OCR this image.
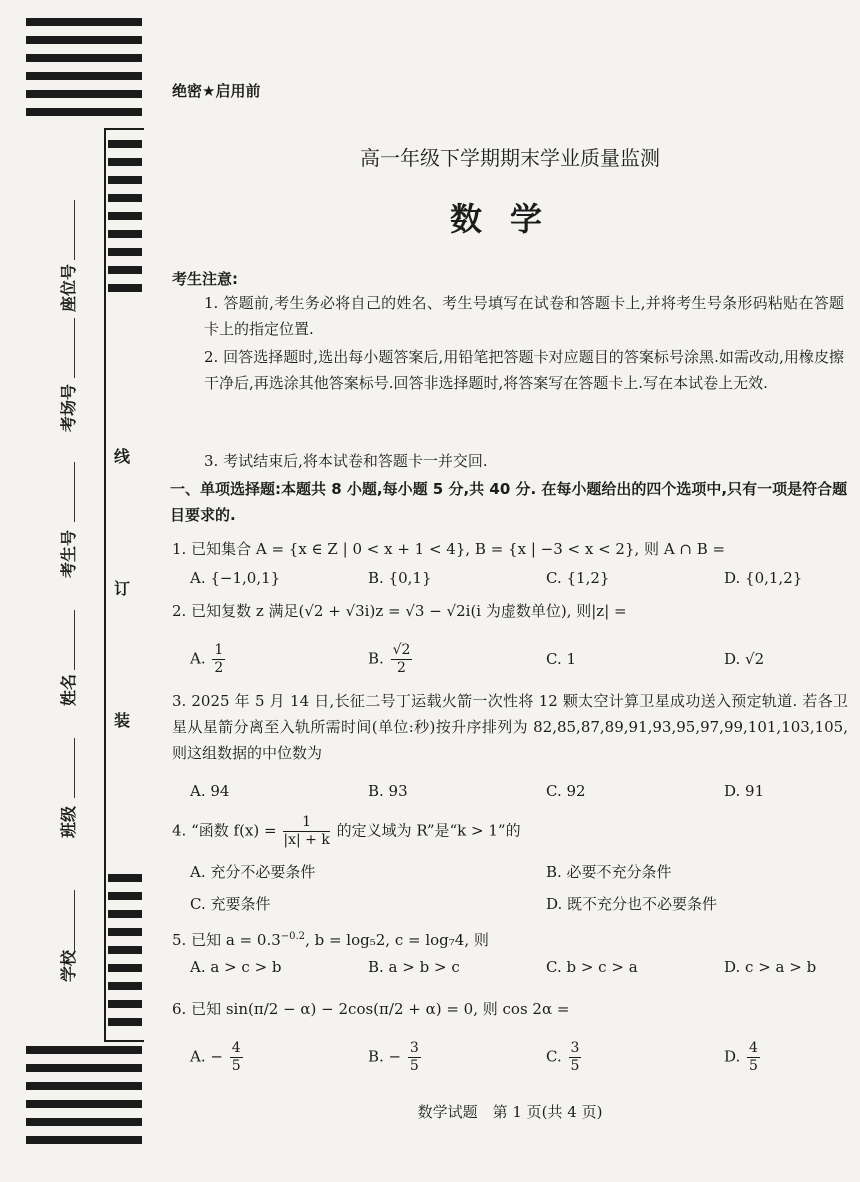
学校
班级
姓名
考生号
考场号
座位号
装
订
线
绝密★启用前
高一年级下学期期末学业质量监测
数学
考生注意:
1. 答题前,考生务必将自己的姓名、考生号填写在试卷和答题卡上,并将考生号条形码粘贴在答题卡上的指定位置.
2. 回答选择题时,选出每小题答案后,用铅笔把答题卡对应题目的答案标号涂黑.如需改动,用橡皮擦干净后,再选涂其他答案标号.回答非选择题时,将答案写在答题卡上.写在本试卷上无效.
3. 考试结束后,将本试卷和答题卡一并交回.
一、单项选择题:本题共 8 小题,每小题 5 分,共 40 分. 在每小题给出的四个选项中,只有一项是符合题目要求的.
1. 已知集合 A = {x ∈ Z | 0 < x + 1 < 4}, B = {x | −3 < x < 2}, 则 A ∩ B =
A. {−1,0,1}	B. {0,1}	C. {1,2}	D. {0,1,2}
2. 已知复数 z 满足(√2 + √3i)z = √3 − √2i(i 为虚数单位), 则|z| =
A. $\frac{1}{2}$	B. $\frac{√2}{2}$	C. 1	D. √2
3. 2025 年 5 月 14 日,长征二号丁运载火箭一次性将 12 颗太空计算卫星成功送入预定轨道. 若各卫星从星箭分离至入轨所需时间(单位:秒)按升序排列为 82,85,87,89,91,93,95,97,99,101,103,105,则这组数据的中位数为
A. 94	B. 93	C. 92	D. 91
4. “函数 $f(x) = \frac{1}{|x| + k}$ 的定义域为 R”是“k > 1”的
A. 充分不必要条件	B. 必要不充分条件
C. 充要条件	D. 既不充分也不必要条件
5. 已知 $a = 0.3^{-0.2}$, b = log₅2, c = log₇4, 则
A. a > c > b	B. a > b > c	C. b > c > a	D. c > a > b
6. 已知 sin(π/2 − α) − 2cos(π/2 + α) = 0, 则 cos 2α =
A. − $\frac{4}{5}$	B. − $\frac{3}{5}$	C. $\frac{3}{5}$	D. $\frac{4}{5}$
数学试题　第 1 页(共 4 页)
